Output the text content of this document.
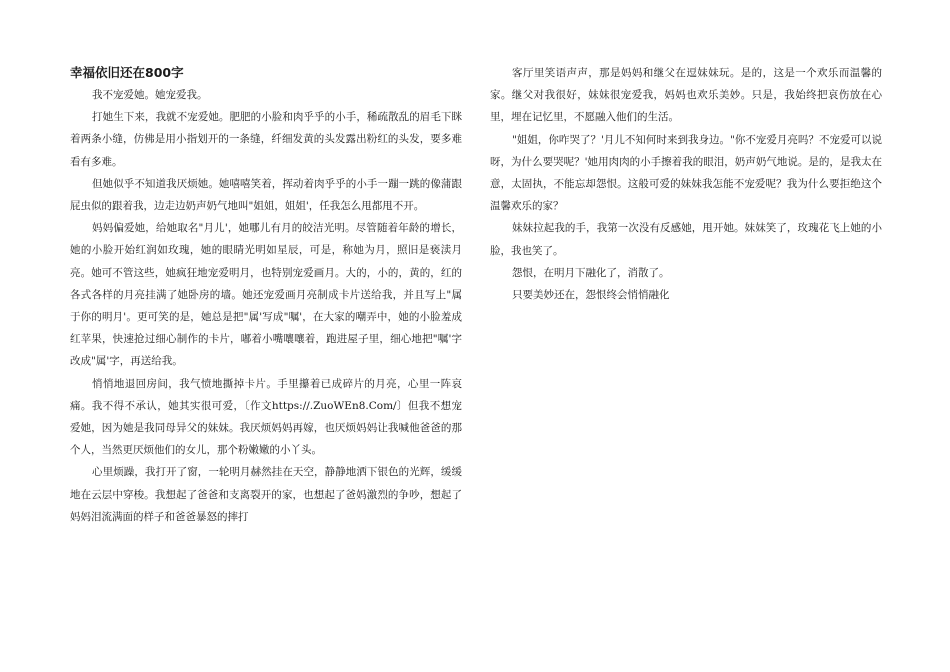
幸福依旧还在800字

我不宠爱她。她宠爱我。

打她生下来，我就不宠爱她。肥肥的小脸和肉乎乎的小手，稀疏散乱的眉毛下眯着两条小缝，仿佛是用小指划开的一条缝，纤细发黄的头发露出粉红的头发，要多难看有多难。

但她似乎不知道我厌烦她。她嘻嘻笑着，挥动着肉乎乎的小手一蹦一跳的像蒲跟屁虫似的跟着我，边走边奶声奶气地叫"姐姐，姐姐'，任我怎么甩都甩不开。

妈妈偏爱她，给她取名"月儿'，她哪儿有月的皎洁光明。尽管随着年龄的增长，她的小脸开始红润如玫瑰，她的眼睛光明如星辰，可是，称她为月，照旧是亵渎月亮。她可不管这些，她疯狂地宠爱明月，也特别宠爱画月。大的，小的，黄的，红的各式各样的月亮挂满了她卧房的墙。她还宠爱画月亮制成卡片送给我，并且写上"属于你的明月'。更可笑的是，她总是把"属'写成"嘱'，在大家的嘲弄中，她的小脸羞成红苹果，快速抢过细心制作的卡片，嘟着小嘴嚷嚷着，跑进屋子里，细心地把"嘱'字改成"属'字，再送给我。

悄悄地退回房间，我气愤地撕掉卡片。手里攥着已成碎片的月亮，心里一阵哀痛。我不得不承认，她其实很可爱，〔作文https://.ZuoWEn8.Com/〕但我不想宠爱她，因为她是我同母异父的妹妹。我厌烦妈妈再嫁，也厌烦妈妈让我喊他爸爸的那个人，当然更厌烦他们的女儿，那个粉嫩嫩的小丫头。

心里烦躁，我打开了窗，一轮明月赫然挂在天空，静静地洒下银色的光辉，缓缓地在云层中穿梭。我想起了爸爸和支离裂开的家，也想起了爸妈激烈的争吵，想起了妈妈泪流满面的样子和爸爸暴怒的摔打

客厅里笑语声声，那是妈妈和继父在逗妹妹玩。是的，这是一个欢乐而温馨的家。继父对我很好，妹妹很宠爱我，妈妈也欢乐美妙。只是，我始终把哀伤放在心里，埋在记忆里，不愿融入他们的生活。

"姐姐，你咋哭了？'月儿不知何时来到我身边。"你不宠爱月亮吗？不宠爱可以说呀，为什么要哭呢？'她用肉肉的小手擦着我的眼泪，奶声奶气地说。是的，是我太在意，太固执，不能忘却怨恨。这般可爱的妹妹我怎能不宠爱呢？我为什么要拒绝这个温馨欢乐的家？

妹妹拉起我的手，我第一次没有反感她，甩开她。妹妹笑了，玫瑰花飞上她的小脸，我也笑了。

怨恨，在明月下融化了，消散了。

只要美妙还在，怨恨终会悄悄融化
